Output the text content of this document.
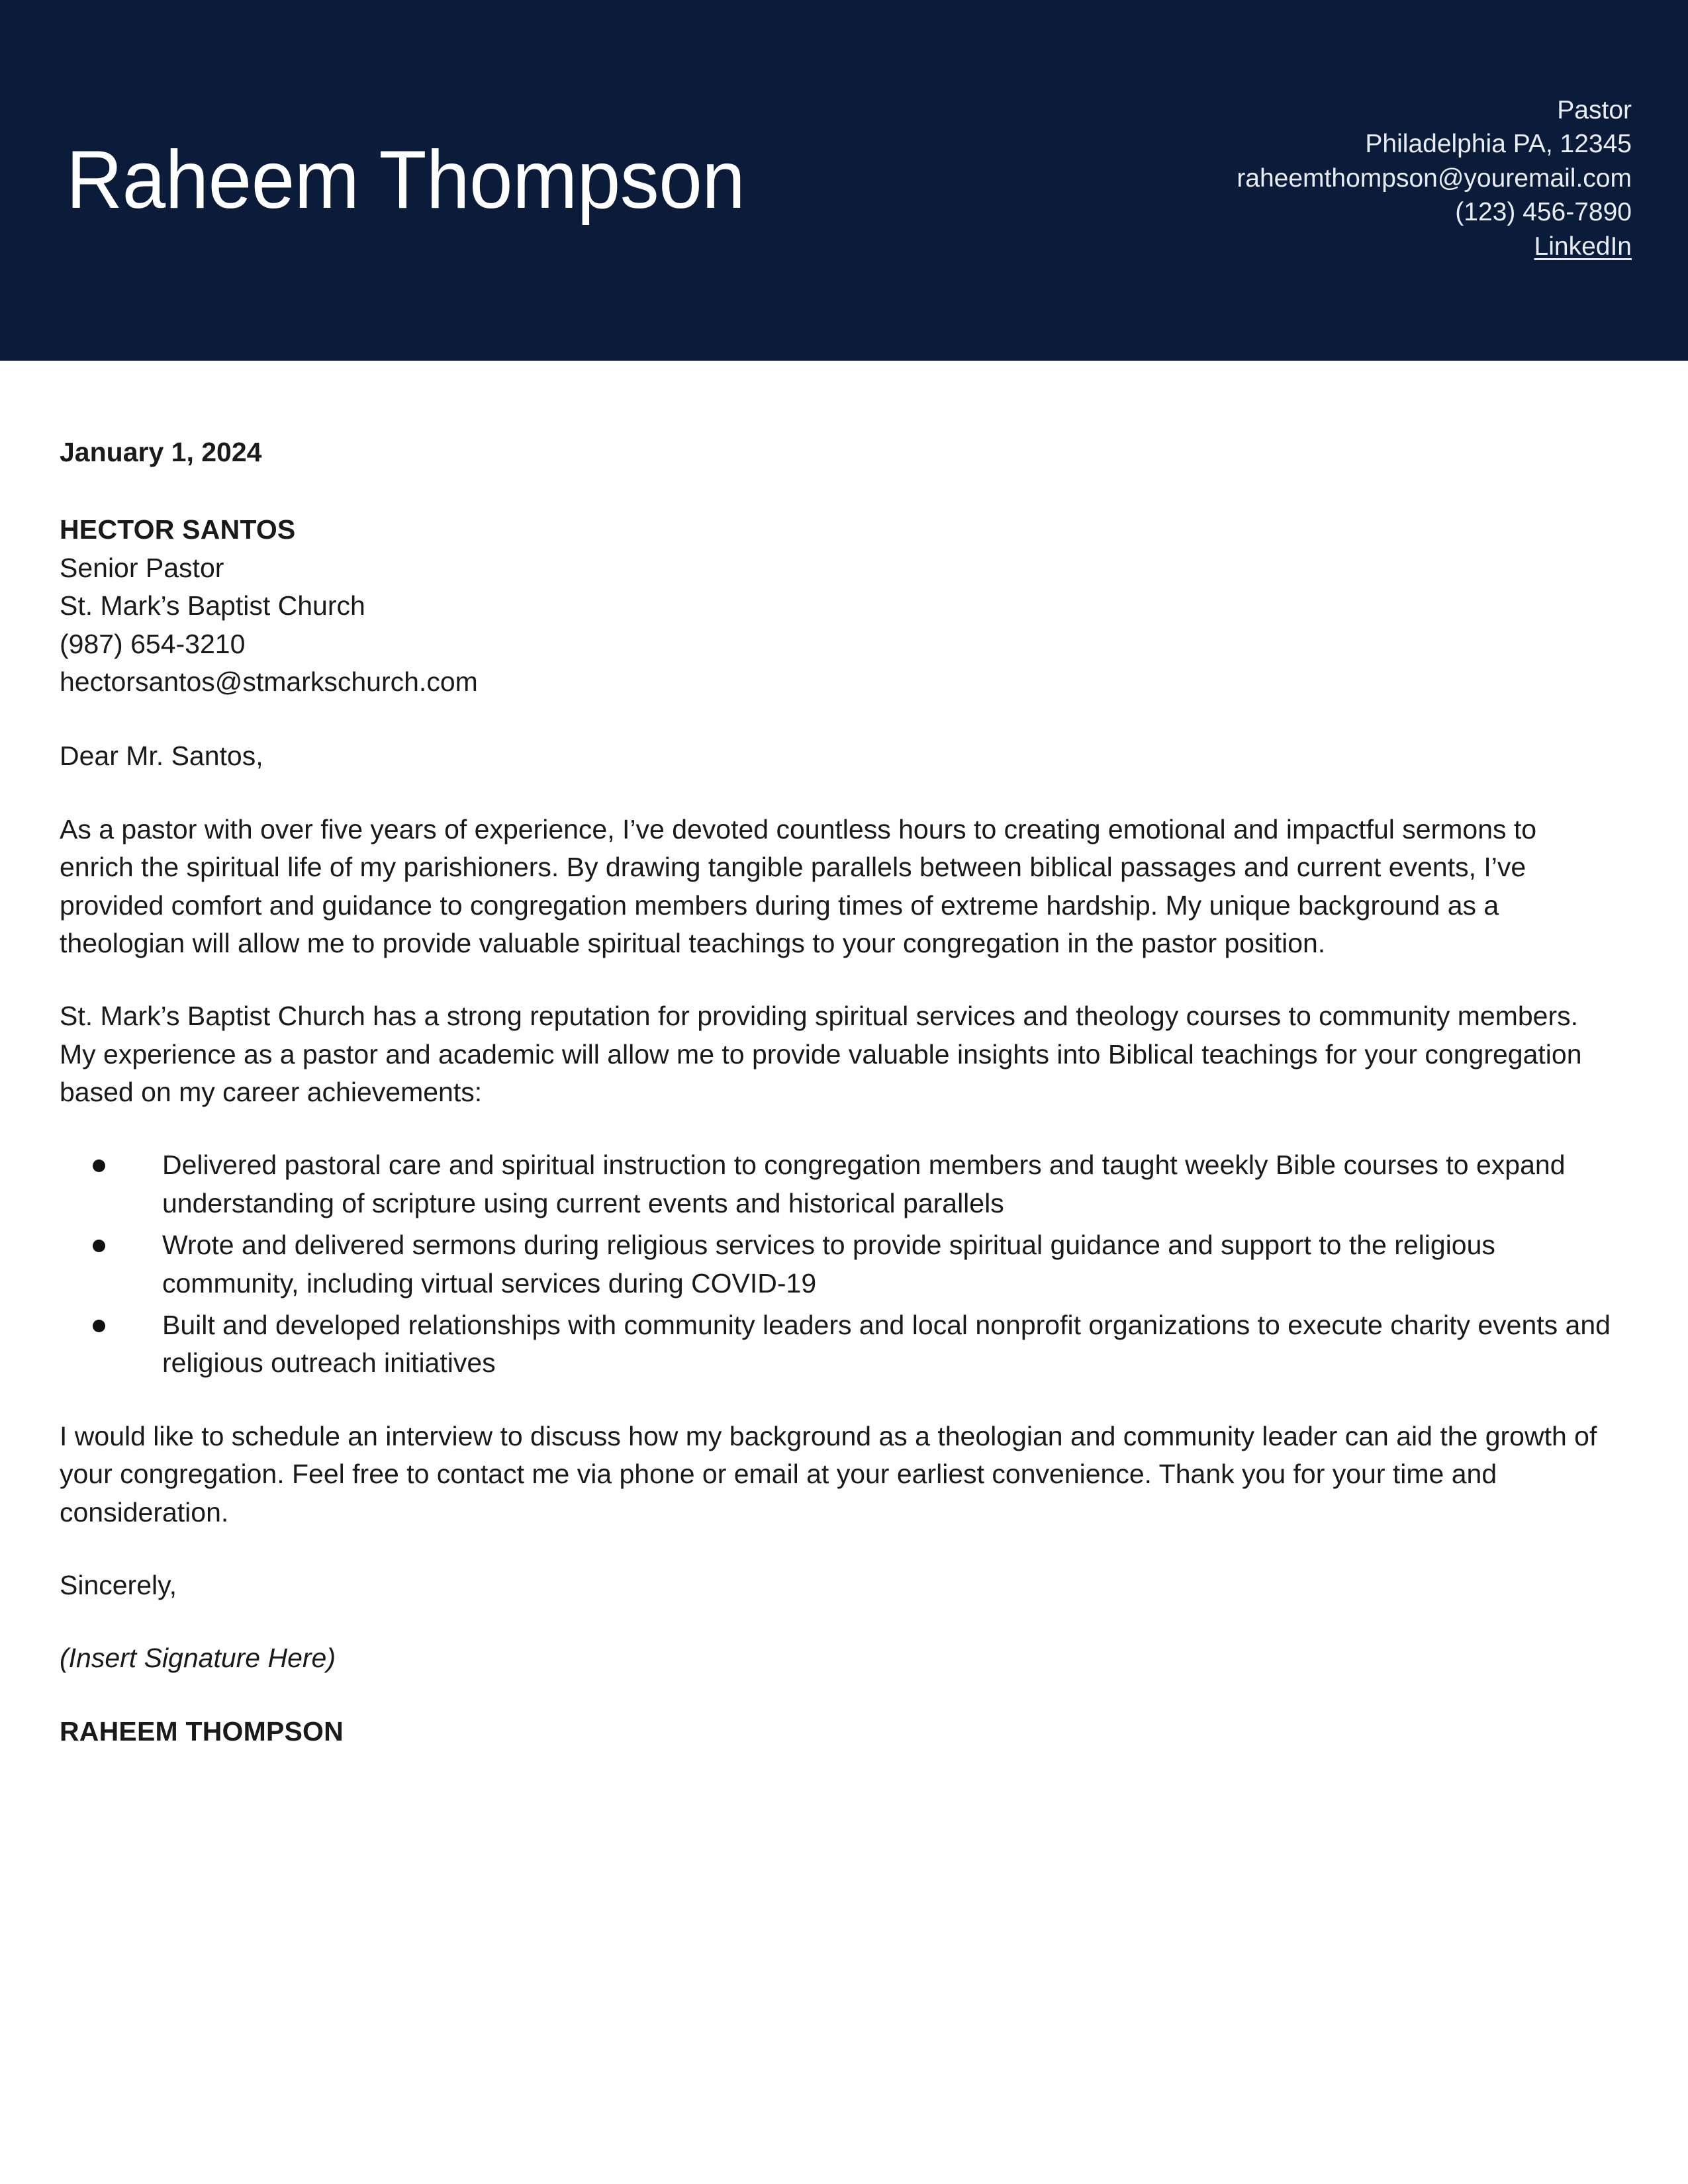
Raheem Thompson
Pastor
Philadelphia PA, 12345
raheemthompson@youremail.com
(123) 456-7890
LinkedIn
January 1, 2024
HECTOR SANTOS
Senior Pastor
St. Mark’s Baptist Church
(987) 654-3210
hectorsantos@stmarkschurch.com
Dear Mr. Santos,

As a pastor with over five years of experience, I’ve devoted countless hours to creating emotional and impactful sermons to enrich the spiritual life of my parishioners. By drawing tangible parallels between biblical passages and current events, I’ve provided comfort and guidance to congregation members during times of extreme hardship. My unique background as a theologian will allow me to provide valuable spiritual teachings to your congregation in the pastor position.

St. Mark’s Baptist Church has a strong reputation for providing spiritual services and theology courses to community members. My experience as a pastor and academic will allow me to provide valuable insights into Biblical teachings for your congregation based on my career achievements:

Delivered pastoral care and spiritual instruction to congregation members and taught weekly Bible courses to expand understanding of scripture using current events and historical parallels
Wrote and delivered sermons during religious services to provide spiritual guidance and support to the religious community, including virtual services during COVID-19
Built and developed relationships with community leaders and local nonprofit organizations to execute charity events and religious outreach initiatives

I would like to schedule an interview to discuss how my background as a theologian and community leader can aid the growth of your congregation. Feel free to contact me via phone or email at your earliest convenience. Thank you for your time and consideration.

Sincerely,
(Insert Signature Here)
RAHEEM THOMPSON
